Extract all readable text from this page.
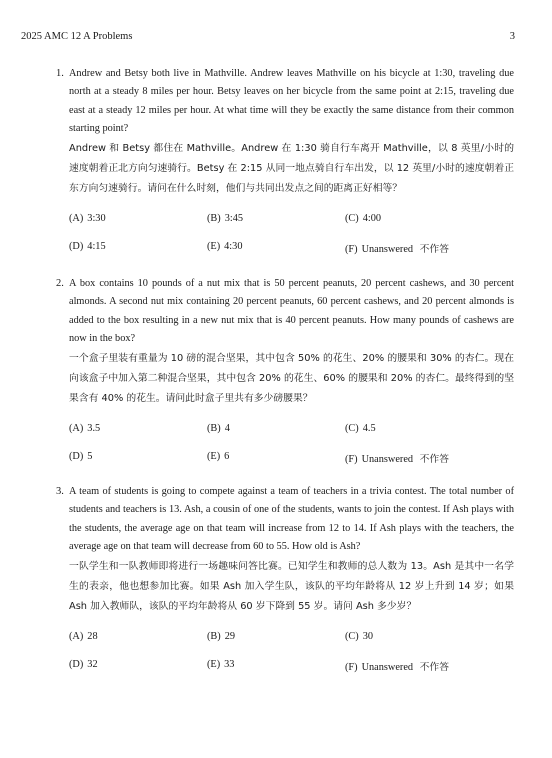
2025 AMC 12 A Problems	3
1. Andrew and Betsy both live in Mathville. Andrew leaves Mathville on his bicycle at 1:30, traveling due north at a steady 8 miles per hour. Betsy leaves on her bicycle from the same point at 2:15, traveling due east at a steady 12 miles per hour. At what time will they be exactly the same distance from their common starting point?
Andrew 和 Betsy 都住在 Mathville。Andrew 在 1:30 骑自行车离开 Mathville，以 8 英里/小时的速度朝着正北方向匀速骑行。Betsy 在 2:15 从同一地点骑自行车出发，以 12 英里/小时的速度朝着正东方向匀速骑行。请问在什么时刻，他们与共同出发点之间的距离正好相等？
(A) 3:30	(B) 3:45	(C) 4:00
(D) 4:15	(E) 4:30	(F) Unanswered 不作答
2. A box contains 10 pounds of a nut mix that is 50 percent peanuts, 20 percent cashews, and 30 percent almonds. A second nut mix containing 20 percent peanuts, 60 percent cashews, and 20 percent almonds is added to the box resulting in a new nut mix that is 40 percent peanuts. How many pounds of cashews are now in the box?
一个盒子里装有重量为 10 磅的混合坚果，其中包含 50% 的花生、20% 的腰果和 30% 的杏仁。现在向该盒子中加入第二种混合坚果，其中包含 20% 的花生、60% 的腰果和 20% 的杏仁。最终得到的坚果含有 40% 的花生。请问此时盒子里共有多少磅腰果？
(A) 3.5	(B) 4	(C) 4.5
(D) 5	(E) 6	(F) Unanswered 不作答
3. A team of students is going to compete against a team of teachers in a trivia contest. The total number of students and teachers is 13. Ash, a cousin of one of the students, wants to join the contest. If Ash plays with the students, the average age on that team will increase from 12 to 14. If Ash plays with the teachers, the average age on that team will decrease from 60 to 55. How old is Ash?
一队学生和一队教师即将进行一场趣味问答比赛。已知学生和教师的总人数为 13。Ash 是其中一名学生的表亲，他也想参加比赛。如果 Ash 加入学生队，该队的平均年龄将从 12 岁上升到 14 岁；如果 Ash 加入教师队，该队的平均年龄将从 60 岁下降到 55 岁。请问 Ash 多少岁？
(A) 28	(B) 29	(C) 30
(D) 32	(E) 33	(F) Unanswered 不作答
